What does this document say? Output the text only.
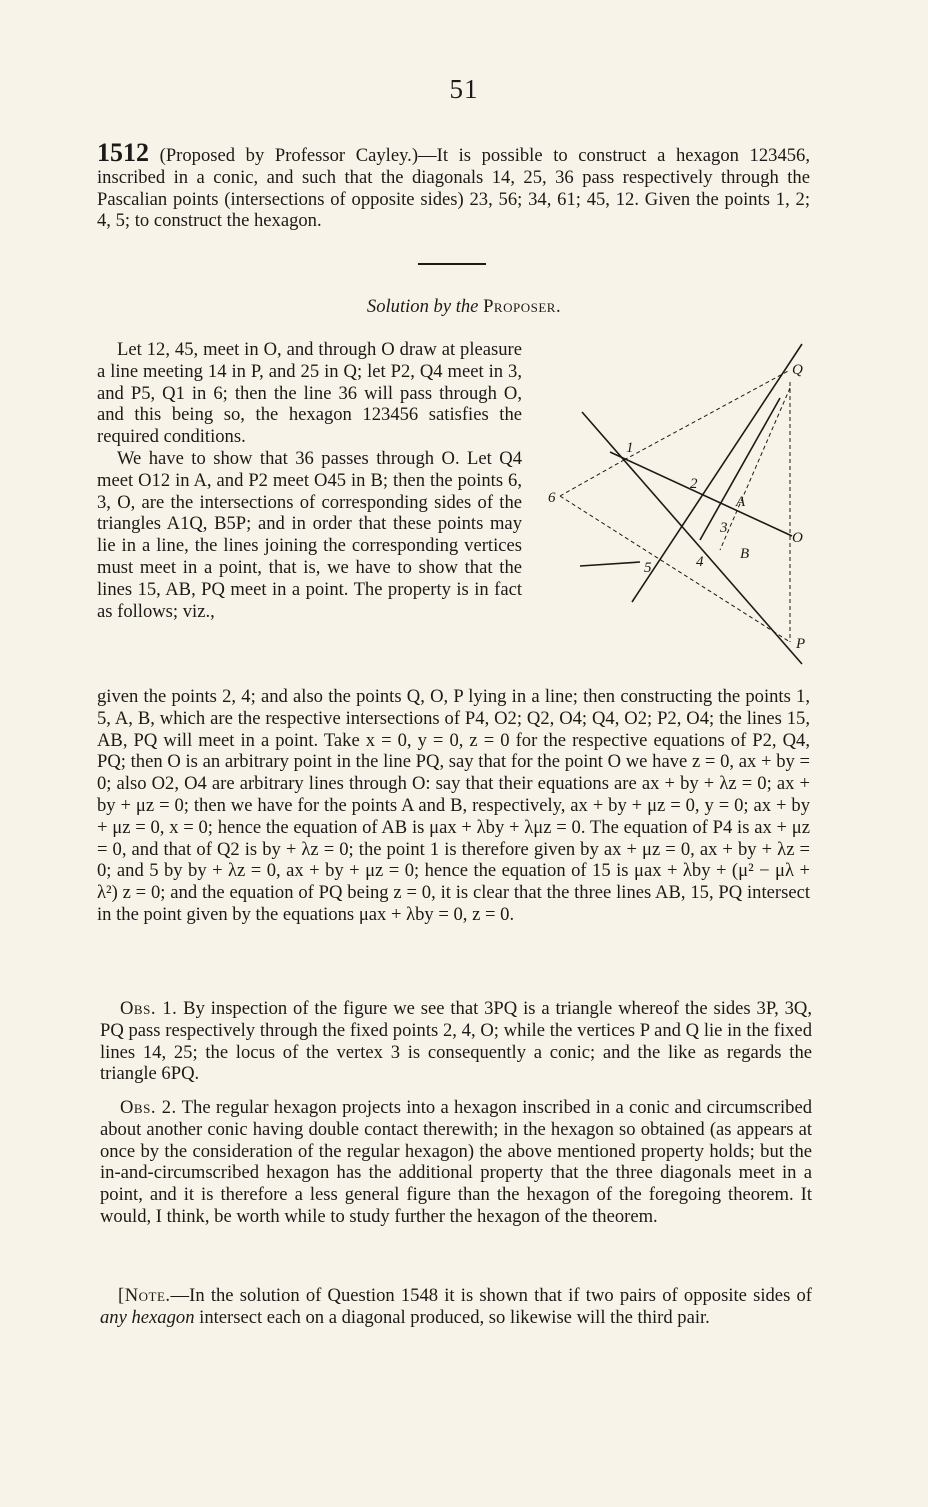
51

1512 (Proposed by Professor Cayley.)—It is possible to construct a hexagon 123456, inscribed in a conic, and such that the diagonals 14, 25, 36 pass respectively through the Pascalian points (intersections of opposite sides) 23, 56; 34, 61; 45, 12. Given the points 1, 2; 4, 5; to construct the hexagon.

Solution by the Proposer.

Let 12, 45, meet in O, and through O draw at pleasure a line meeting 14 in P, and 25 in Q; let P2, Q4 meet in 3, and P5, Q1 in 6; then the line 36 will pass through O, and this being so, the hexagon 123456 satisfies the required conditions.

We have to show that 36 passes through O. Let Q4 meet O12 in A, and P2 meet O45 in B; then the points 6, 3, O, are the intersections of corresponding sides of the triangles A1Q, B5P; and in order that these points may lie in a line, the lines joining the corresponding vertices must meet in a point, that is, we have to show that the lines 15, AB, PQ meet in a point. The property is in fact as follows; viz.,

Q
1
2
A
6
3
O
B
5	4
P

given the points 2, 4; and also the points Q, O, P lying in a line; then constructing the points 1, 5, A, B, which are the respective intersections of P4, O2; Q2, O4; Q4, O2; P2, O4; the lines 15, AB, PQ will meet in a point. Take x = 0, y = 0, z = 0 for the respective equations of P2, Q4, PQ; then O is an arbitrary point in the line PQ, say that for the point O we have z = 0, ax + by = 0; also O2, O4 are arbitrary lines through O: say that their equations are ax + by + λz = 0; ax + by + μz = 0; then we have for the points A and B, respectively, ax + by + μz = 0, y = 0; ax + by + μz = 0, x = 0; hence the equation of AB is μax + λby + λμz = 0. The equation of P4 is ax + μz = 0, and that of Q2 is by + λz = 0; the point 1 is therefore given by ax + μz = 0, ax + by + λz = 0; and 5 by by + λz = 0, ax + by + μz = 0; hence the equation of 15 is μax + λby + (μ² − μλ + λ²) z = 0; and the equation of PQ being z = 0, it is clear that the three lines AB, 15, PQ intersect in the point given by the equations μax + λby = 0, z = 0.

Obs. 1. By inspection of the figure we see that 3PQ is a triangle whereof the sides 3P, 3Q, PQ pass respectively through the fixed points 2, 4, O; while the vertices P and Q lie in the fixed lines 14, 25; the locus of the vertex 3 is consequently a conic; and the like as regards the triangle 6PQ.

Obs. 2. The regular hexagon projects into a hexagon inscribed in a conic and circumscribed about another conic having double contact therewith; in the hexagon so obtained (as appears at once by the consideration of the regular hexagon) the above mentioned property holds; but the in-and-circumscribed hexagon has the additional property that the three diagonals meet in a point, and it is therefore a less general figure than the hexagon of the foregoing theorem. It would, I think, be worth while to study further the hexagon of the theorem.

[Note.—In the solution of Question 1548 it is shown that if two pairs of opposite sides of any hexagon intersect each on a diagonal produced, so likewise will the third pair.
